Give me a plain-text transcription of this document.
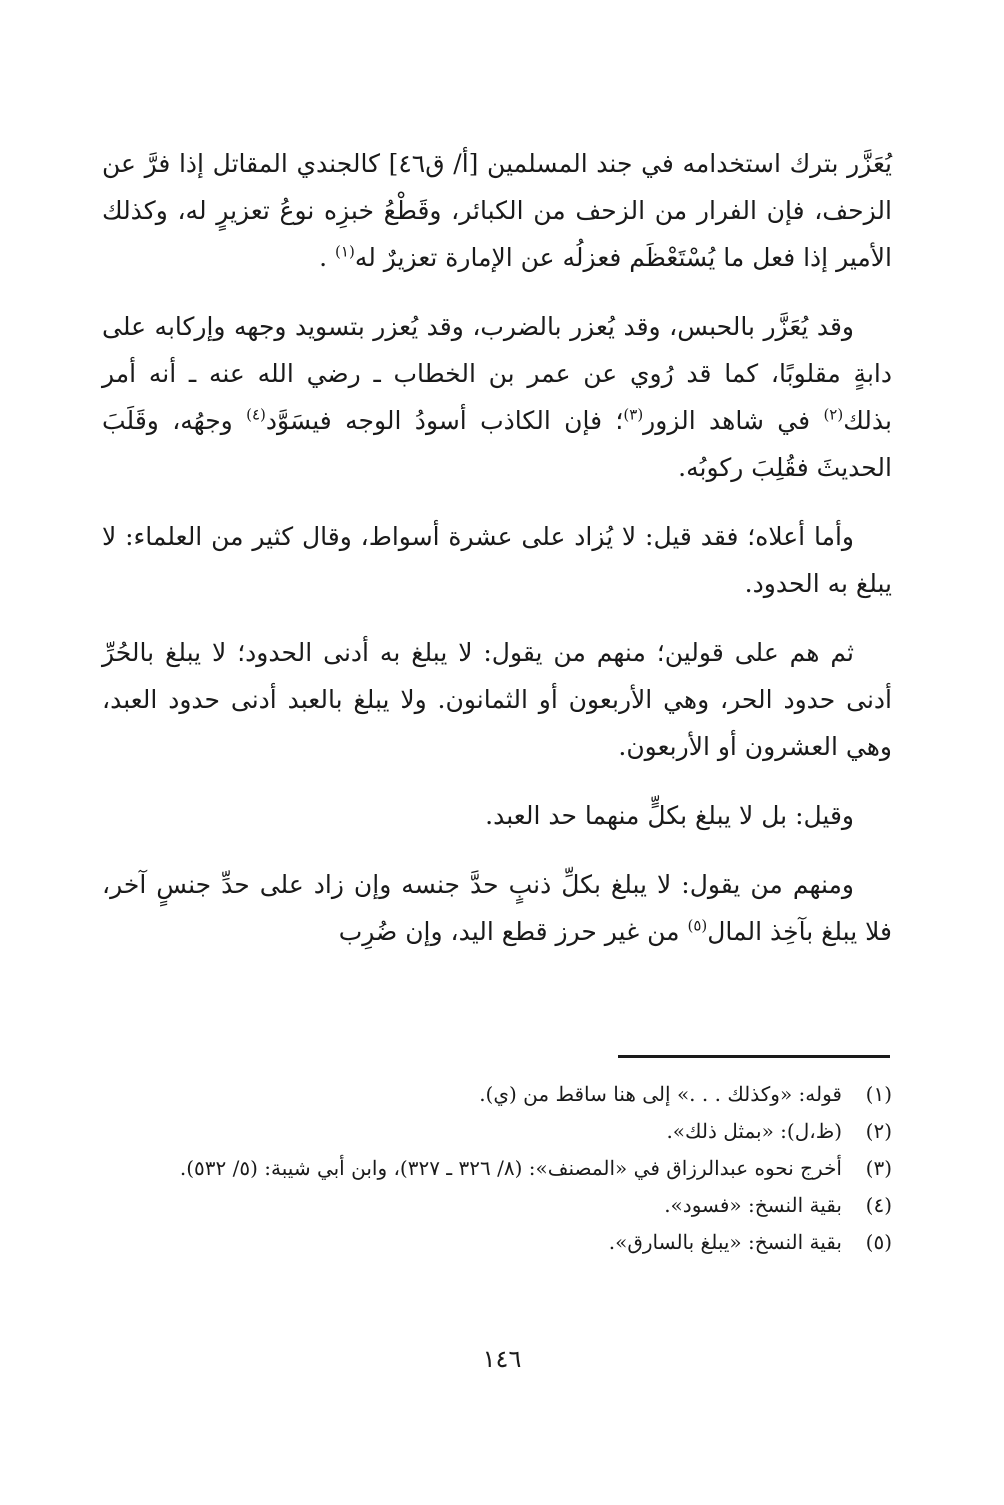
يُعَزَّر بترك استخدامه في جند المسلمين [أ/ ق٤٦] كالجندي المقاتل إذا فرَّ عن الزحف، فإن الفرار من الزحف من الكبائر، وقَطْعُ خبزِه نوعُ تعزيرٍ له، وكذلك الأمير إذا فعل ما يُسْتَعْظَم فعزلُه عن الإمارة تعزيرٌ له$^{(١)}$ .

وقد يُعَزَّر بالحبس، وقد يُعزر بالضرب، وقد يُعزر بتسويد وجهه وإركابه على دابةٍ مقلوبًا، كما قد رُوي عن عمر بن الخطاب ـ رضي الله عنه ـ أنه أمر بذلك$^{(٢)}$ في شاهد الزور$^{(٣)}$؛ فإن الكاذب أسودُ الوجه فيسَوَّد$^{(٤)}$ وجهُه، وقَلَبَ الحديثَ فقُلِبَ ركوبُه.

وأما أعلاه؛ فقد قيل: لا يُزاد على عشرة أسواط، وقال كثير من العلماء: لا يبلغ به الحدود.

ثم هم على قولين؛ منهم من يقول: لا يبلغ به أدنى الحدود؛ لا يبلغ بالحُرِّ أدنى حدود الحر، وهي الأربعون أو الثمانون. ولا يبلغ بالعبد أدنى حدود العبد، وهي العشرون أو الأربعون.

وقيل: بل لا يبلغ بكلٍّ منهما حد العبد.

ومنهم من يقول: لا يبلغ بكلِّ ذنبٍ حدَّ جنسه وإن زاد على حدِّ جنسٍ آخر، فلا يبلغ بآخِذ المال$^{(٥)}$ من غير حرز قطع اليد، وإن ضُرِب

(١)
قوله: «وكذلك . . .» إلى هنا ساقط من (ي).
(٢)
(ظ،ل): «بمثل ذلك».
(٣)
أخرج نحوه عبدالرزاق في «المصنف»: (٨/ ٣٢٦ ـ ٣٢٧)، وابن أبي شيبة: (٥/ ٥٣٢).
(٤)
بقية النسخ: «فسود».
(٥)
بقية النسخ: «يبلغ بالسارق».
١٤٦
